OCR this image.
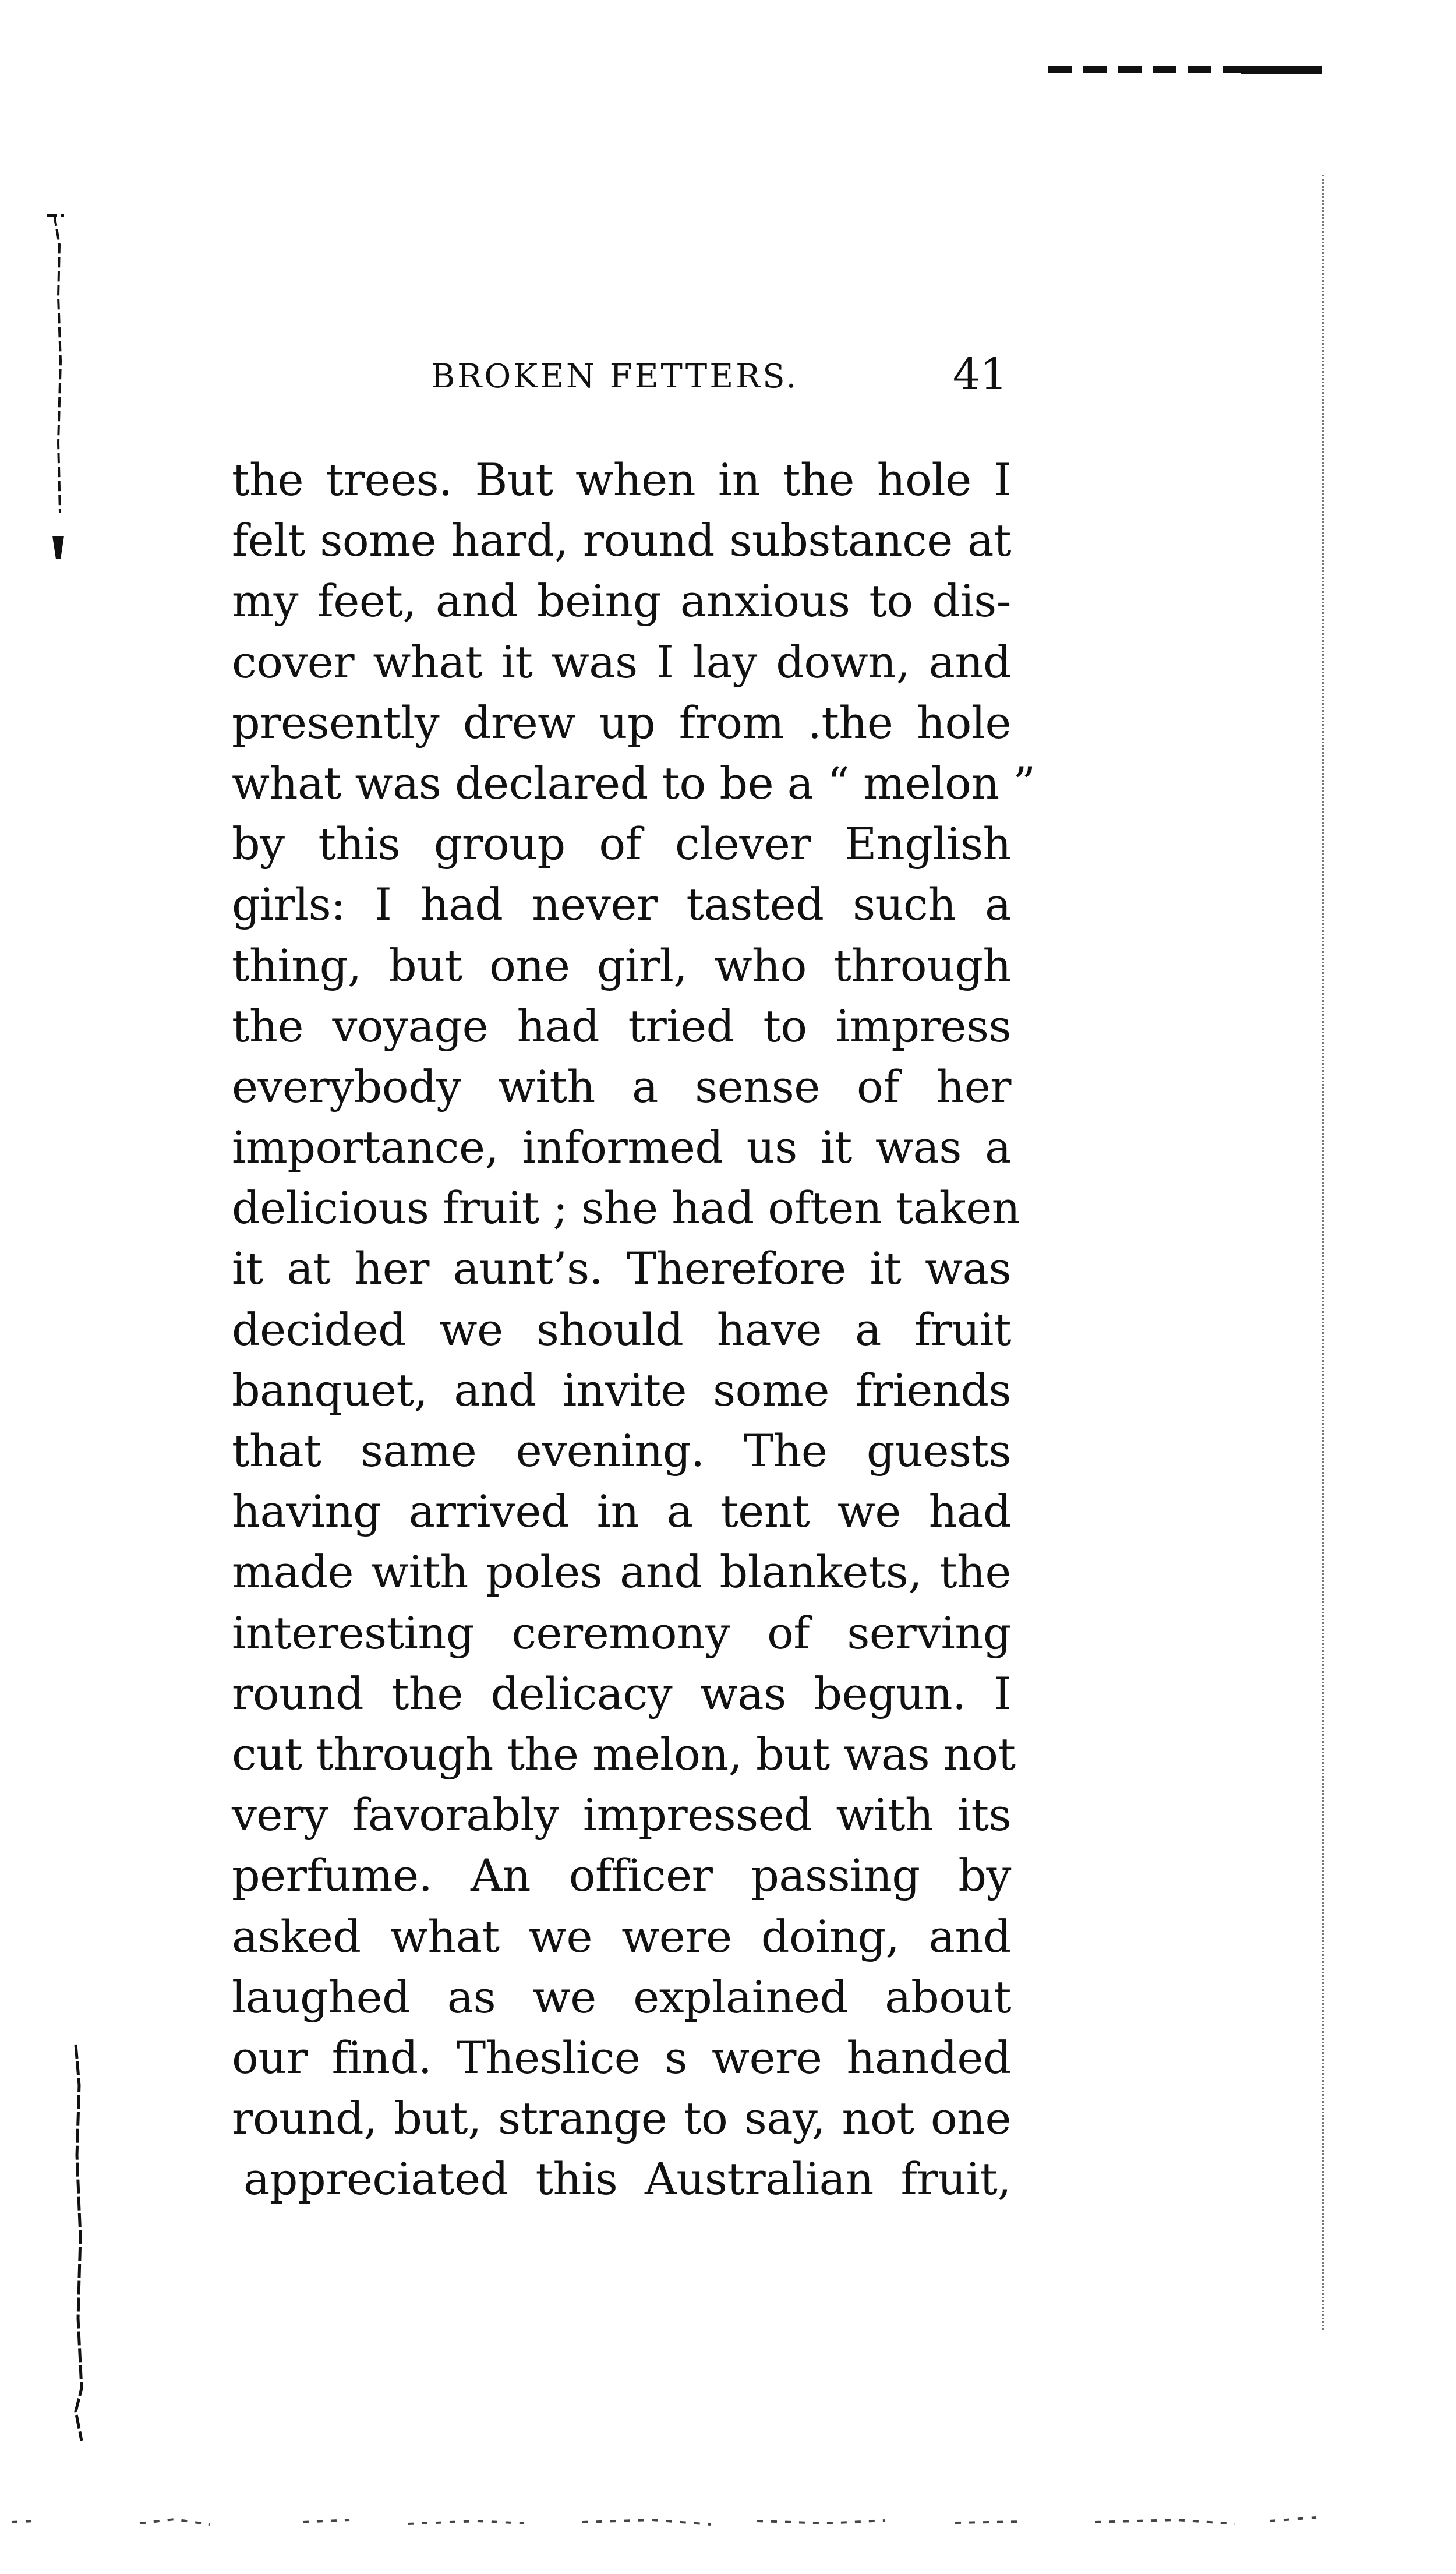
BROKEN FETTERS.	41
the trees. But when in the hole I
felt some hard, round substance at
my feet, and being anxious to dis-
cover what it was I lay down, and
presently drew up from .the hole
what was declared to be a “ melon ”
by this group of clever English
girls: I had never tasted such a
thing, but one girl, who through
the voyage had tried to impress
everybody with a sense of her
importance, informed us it was a
delicious fruit ; she had often taken
it at her aunt’s. Therefore it was
decided we should have a fruit
banquet, and invite some friends
that same evening. The guests
having arrived in a tent we had
made with poles and blankets, the
interesting ceremony of serving
round the delicacy was begun. I
cut through the melon, but was not
very favorably impressed with its
perfume. An officer passing by
asked what we were doing, and
laughed as we explained about
our find. Theslice s were handed
round, but, strange to say, not one
appreciated this Australian fruit,
